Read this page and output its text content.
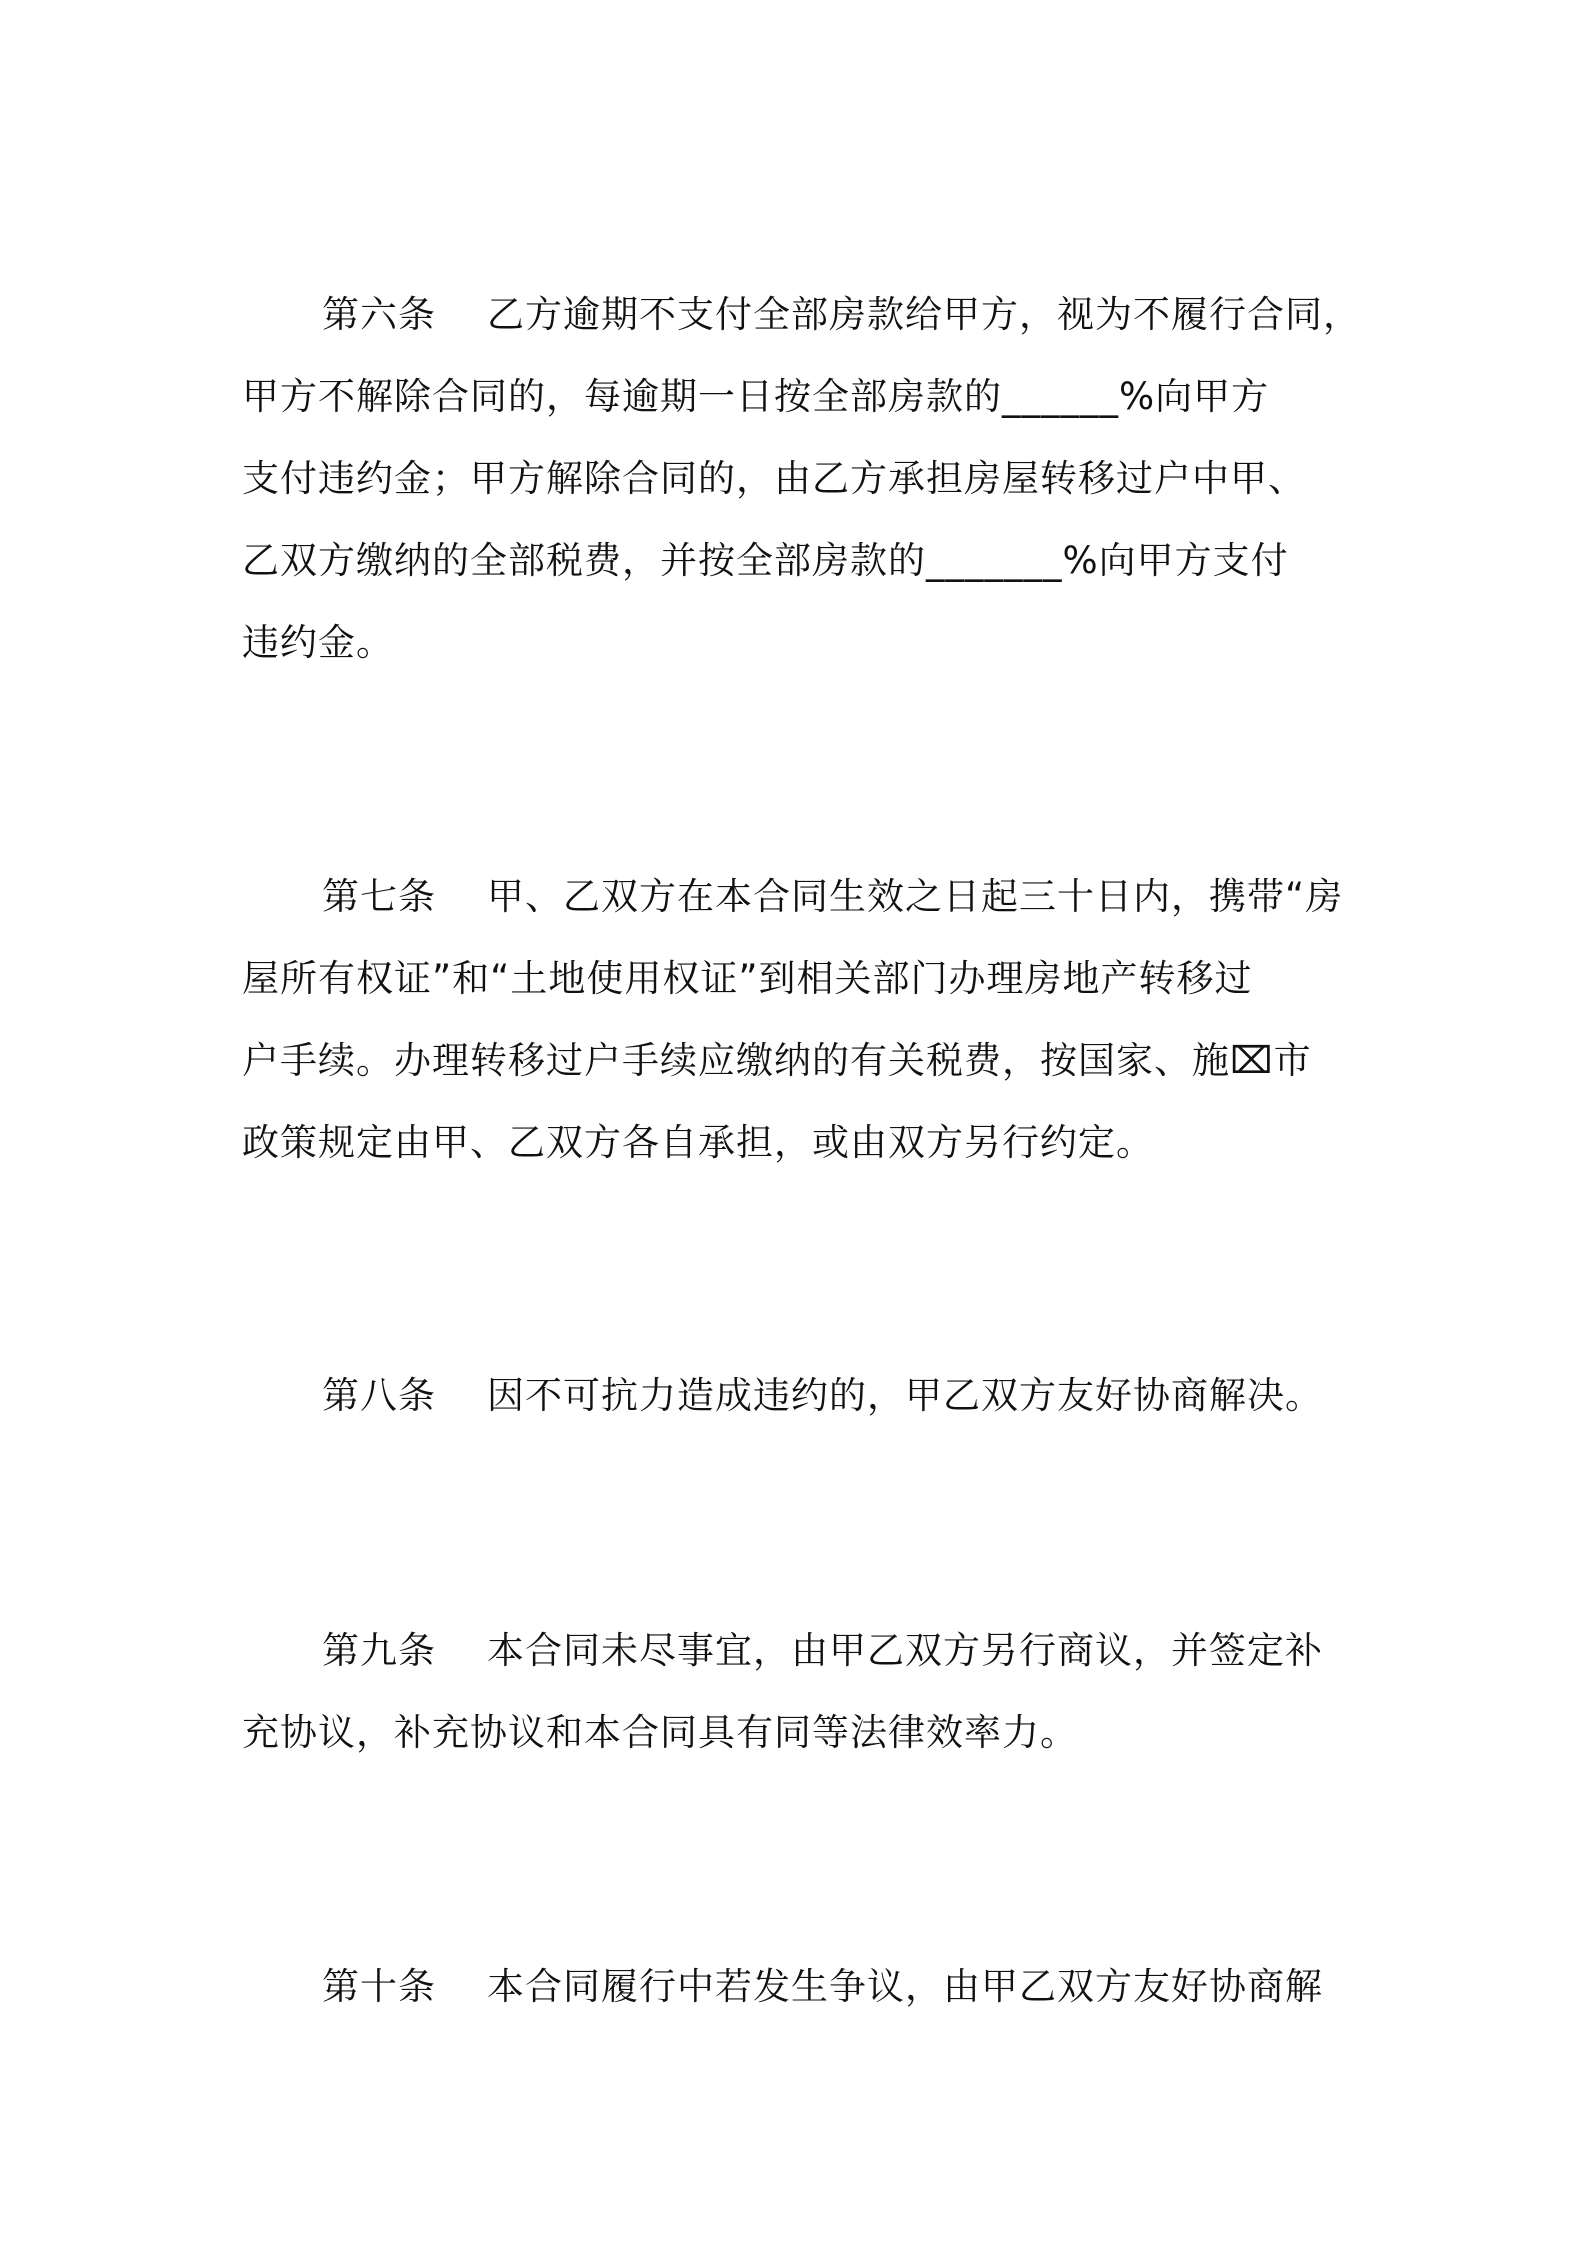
第六条    乙方逾期不支付全部房款给甲方，视为不履行合同，
甲方不解除合同的，每逾期一日按全部房款的______%向甲方
支付违约金；甲方解除合同的，由乙方承担房屋转移过户中甲、
乙双方缴纳的全部税费，并按全部房款的_______%向甲方支付
违约金。
第七条    甲、乙双方在本合同生效之日起三十日内，携带“房
屋所有权证”和“土地使用权证”到相关部门办理房地产转移过
户手续。办理转移过户手续应缴纳的有关税费，按国家、施⌧市
政策规定由甲、乙双方各自承担，或由双方另行约定。
第八条    因不可抗力造成违约的，甲乙双方友好协商解决。
第九条    本合同未尽事宜，由甲乙双方另行商议，并签定补
充协议，补充协议和本合同具有同等法律效率力。
第十条    本合同履行中若发生争议，由甲乙双方友好协商解
